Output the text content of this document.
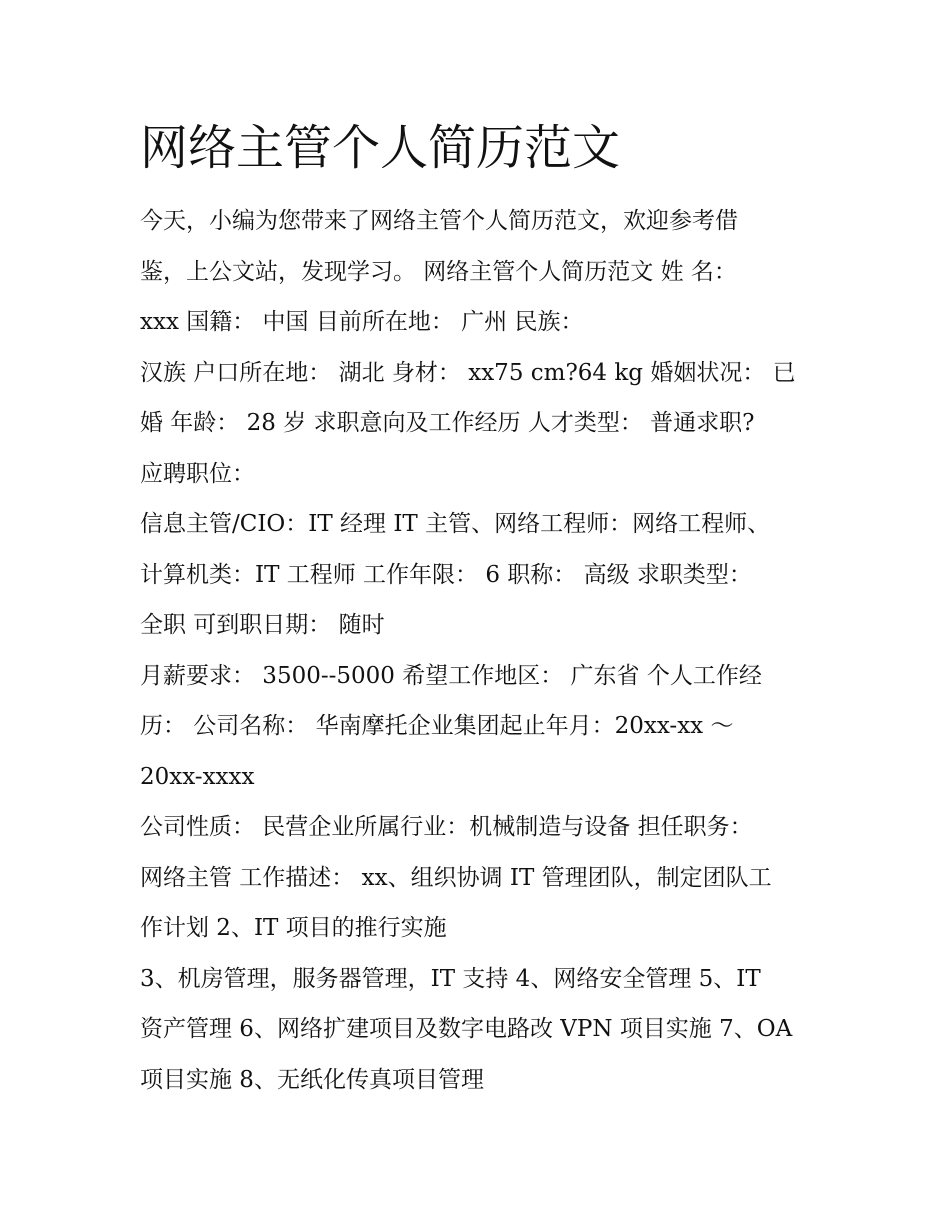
网络主管个人简历范文
今天，小编为您带来了网络主管个人简历范文，欢迎参考借
鉴，上公文站，发现学习。 网络主管个人简历范文 姓 名：
xxx 国籍： 中国 目前所在地： 广州 民族：
汉族 户口所在地： 湖北 身材： xx75 cm?64 kg 婚姻状况： 已
婚 年龄： 28 岁 求职意向及工作经历 人才类型： 普通求职?
应聘职位：
信息主管/CIO：IT 经理 IT 主管、网络工程师：网络工程师、
计算机类：IT 工程师 工作年限： 6 职称： 高级 求职类型：
全职 可到职日期： 随时
月薪要求： 3500--5000 希望工作地区： 广东省 个人工作经
历： 公司名称： 华南摩托企业集团起止年月：20xx-xx ～
20xx-xxxx
公司性质： 民营企业所属行业：机械制造与设备 担任职务：
网络主管 工作描述： xx、组织协调 IT 管理团队，制定团队工
作计划 2、IT 项目的推行实施
3、机房管理，服务器管理，IT 支持 4、网络安全管理 5、IT
资产管理 6、网络扩建项目及数字电路改 VPN 项目实施 7、OA
项目实施 8、无纸化传真项目管理
